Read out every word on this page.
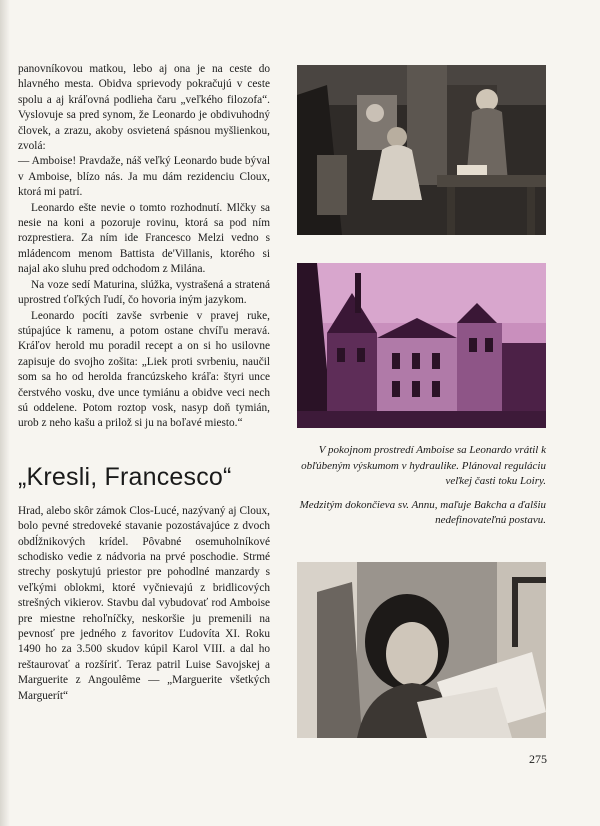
panovníkovou matkou, lebo aj ona je na ceste do hlavného mesta. Obidva sprievody pokračujú v ceste spolu a aj kráľovná podlieha čaru „veľkého filozofa“. Vyslovuje sa pred synom, že Leonardo je obdivuhodný človek, a zrazu, akoby osvietená spásnou myšlienkou, zvolá:

— Amboise! Pravdaže, náš veľký Leonardo bude býval v Amboise, blízo nás. Ja mu dám rezidenciu Cloux, ktorá mi patrí.

Leonardo ešte nevie o tomto rozhodnutí. Mlčky sa nesie na koni a pozoruje rovinu, ktorá sa pod ním rozprestiera. Za ním ide Francesco Melzi vedno s mládencom menom Battista de'Villanis, ktorého si najal ako sluhu pred odchodom z Milána.

Na voze sedí Maturina, slúžka, vystrašená a stratená uprostred ťoľkých ľudí, čo hovoria iným jazykom.

Leonardo pocíti zavše svrbenie v pravej ruke, stúpajúce k ramenu, a potom ostane chvíľu meravá. Kráľov herold mu poradil recept a on si ho usilovne zapisuje do svojho zošita: „Liek proti svrbeniu, naučil som sa ho od herolda francúzskeho kráľa: štyri unce čerstvého vosku, dve unce tymiánu a obidve veci nech sú oddelene. Potom roztop vosk, nasyp doň tymián, urob z neho kašu a prilož si ju na boľavé miesto.“

„Kresli, Francesco“

Hrad, alebo skôr zámok Clos-Lucé, nazývaný aj Cloux, bolo pevné stredoveké stavanie pozostávajúce z dvoch obdĺžnikových krídel. Pôvabné osemuholníkové schodisko vedie z nádvoria na prvé poschodie. Strmé strechy poskytujú priestor pre pohodlné manzardy s veľkými oblokmi, ktoré vyčnievajú z bridlicových strešných vikierov. Stavbu dal vybudovať rod Amboise pre miestne rehoľníčky, neskoršie ju premenili na pevnosť pre jedného z favoritov Ľudovíta XI. Roku 1490 ho za 3.500 skudov kúpil Karol VIII. a dal ho reštaurovať a rozšíriť. Teraz patril Luise Savojskej a Marguerite z Angoulême — „Marguerite všetkých Marguerít“

V pokojnom prostredí Amboise sa Leonardo vrátil k obľúbeným výskumom v hydraulike. Plánoval reguláciu veľkej časti toku Loiry.

Medzitým dokončieva sv. Annu, maľuje Bakcha a ďalšiu nedefinovateľnú postavu.

275
